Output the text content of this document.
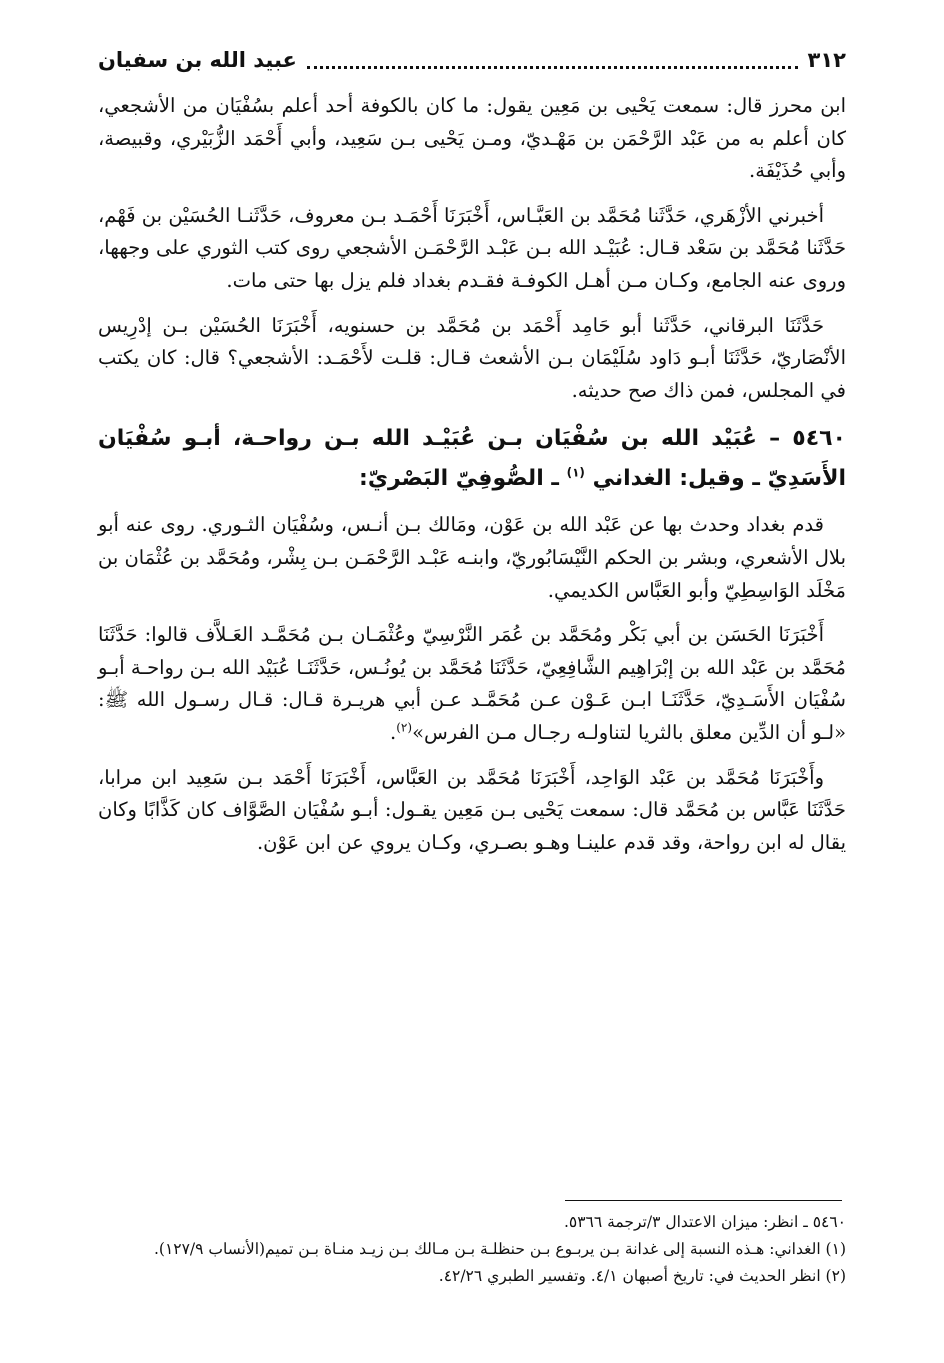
٣١٢
عبيد الله بن سفيان

ابن محرز قال: سمعت يَحْيى بن مَعِين يقول: ما كان بالكوفة أحد أعلم بسُفْيَان من الأشجعي، كان أعلم به من عَبْد الرَّحْمَن بن مَهْـديّ، ومـن يَحْيى بـن سَعِيد، وأبي أَحْمَد الزُّبَيْري، وقبيصة، وأبي حُذَيْفَة.

أخبرني الأزْهَري، حَدَّثَنا مُحَمَّد بن العَبَّـاس، أَخْبَرَنَا أَحْمَـد بـن معروف، حَدَّثَنـا الحُسَيْن بن فَهْم، حَدَّثَنا مُحَمَّد بن سَعْد قـال: عُبَيْـد الله بـن عَبْـد الرَّحْمَـن الأشجعي روى كتب الثوري على وجهها، وروى عنه الجامع، وكـان مـن أهـل الكوفـة فقـدم بغداد فلم يزل بها حتى مات.

حَدَّثَنَا البرقاني، حَدَّثَنا أبو حَامِد أَحْمَد بن مُحَمَّد بن حسنويه، أَخْبَرَنَا الحُسَيْن بـن إدْرِيس الأنْصَاريّ، حَدَّثَنَا أبـو دَاود سُلَيْمَان بـن الأشعث قـال: قلـت لأَحْمَـد: الأشجعي؟ قال: كان يكتب في المجلس، فمن ذاك صح حديثه.

٥٤٦٠ – عُبَيْد الله بن سُفْيَان بـن عُبَيْـد الله بـن رواحـة، أبـو سُفْيَان الأَسَدِيّ ـ وقيل: الغداني $^{(١)}$ ـ الصُّوفِيّ البَصْريّ:

قدم بغداد وحدث بها عن عَبْد الله بن عَوْن، ومَالك بـن أنـس، وسُفْيَان الثـوري. روى عنه أبو بلال الأشعري، وبشر بن الحكم النَّيْسَابُوريّ، وابنـه عَبْـد الرَّحْمَـن بـن بِشْر، ومُحَمَّد بن عُثْمَان بن مَخْلَد الوَاسِطِيّ وأبو العَبَّاس الكديمي.

أَخْبَرَنَا الحَسَن بن أبي بَكْر ومُحَمَّد بن عُمَر النَّرْسِيّ وعُثْمَـان بـن مُحَمَّـد العَـلاَّف قالوا: حَدَّثَنَا مُحَمَّد بن عَبْد الله بن إبْرَاهِيم الشَّافِعِيّ، حَدَّثَنَا مُحَمَّد بن يُونُـس، حَدَّثَنَـا عُبَيْد الله بـن رواحـة أبـو سُفْيَان الأَسَـدِيّ، حَدَّثَنَـا ابـن عَـوْن عـن مُحَمَّـد عـن أبي هريـرة قـال: قـال رسـول الله ﷺ: «لـو أن الدِّين معلق بالثريا لتناولـه رجـال مـن الفرس»$^{(٢)}$.

وأَخْبَرَنَا مُحَمَّد بن عَبْد الوَاحِد، أَخْبَرَنَا مُحَمَّد بن العَبَّاس، أَخْبَرَنَا أَحْمَد بـن سَعِيد ابن مرابا، حَدَّثَنَا عَبَّاس بن مُحَمَّد قال: سمعت يَحْيى بـن مَعِين يقـول: أبـو سُفْيَان الصَّوَّاف كان كَذَّابًا وكان يقال له ابن رواحة، وقد قدم علينـا وهـو بصـري، وكـان يروي عن ابن عَوْن.

٥٤٦٠ ـ انظر: ميزان الاعتدال ٣/ترجمة ٥٣٦٦.
(١) الغداني: هـذه النسبة إلى غدانة بـن يربـوع بـن حنظلـة بـن مـالك بـن زيـد منـاة بـن تميم(الأنساب ١٢٧/٩).
(٢) انظر الحديث في: تاريخ أصبهان ٤/١. وتفسير الطبري ٤٢/٢٦.
